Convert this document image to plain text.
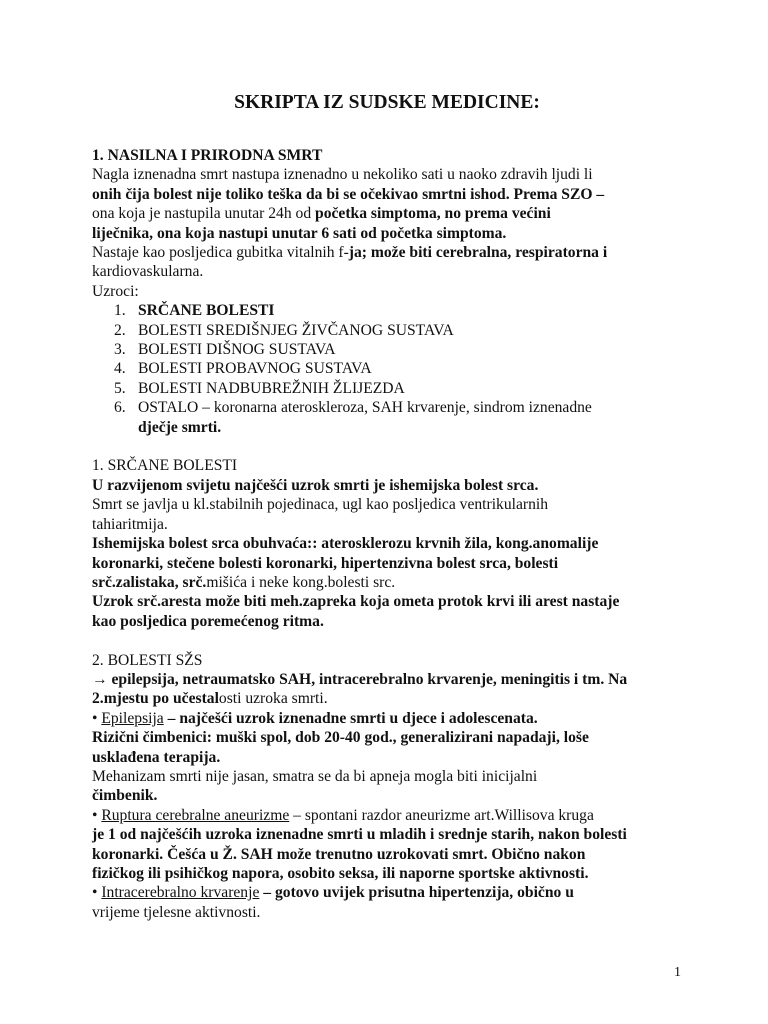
SKRIPTA IZ SUDSKE MEDICINE:
1. NASILNA I PRIRODNA SMRT
Nagla iznenadna smrt nastupa iznenadno u nekoliko sati u naoko zdravih ljudi li
onih čija bolest nije toliko teška da bi se očekivao smrtni ishod. Prema SZO –
ona koja je nastupila unutar 24h od početka simptoma, no prema većini
liječnika, ona koja nastupi unutar 6 sati od početka simptoma.
Nastaje kao posljedica gubitka vitalnih f-ja; može biti cerebralna, respiratorna i
kardiovaskularna.
Uzroci:
1. SRČANE BOLESTI
2. BOLESTI SREDIŠNJEG ŽIVČANOG SUSTAVA
3. BOLESTI DIŠNOG SUSTAVA
4. BOLESTI PROBAVNOG SUSTAVA
5. BOLESTI NADBUBREŽNIH ŽLIJEZDA
6. OSTALO – koronarna ateroskleroza, SAH krvarenje, sindrom iznenadne
dječje smrti.
1. SRČANE BOLESTI
U razvijenom svijetu najčešći uzrok smrti je ishemijska bolest srca.
Smrt se javlja u kl.stabilnih pojedinaca, ugl kao posljedica ventrikularnih
tahiaritmija.
Ishemijska bolest srca obuhvaća:: aterosklerozu krvnih žila, kong.anomalije
koronarki, stečene bolesti koronarki, hipertenzivna bolest srca, bolesti
srč.zalistaka, srč.mišića i neke kong.bolesti src.
Uzrok srč.aresta može biti meh.zapreka koja ometa protok krvi ili arest nastaje
kao posljedica poremećenog ritma.
2. BOLESTI SŽS
→ epilepsija, netraumatsko SAH, intracerebralno krvarenje, meningitis i tm. Na
2.mjestu po učestalosti uzroka smrti.
• Epilepsija – najčešći uzrok iznenadne smrti u djece i adolescenata.
Rizični čimbenici: muški spol, dob 20-40 god., generalizirani napadaji, loše
usklađena terapija.
Mehanizam smrti nije jasan, smatra se da bi apneja mogla biti inicijalni
čimbenik.
• Ruptura cerebralne aneurizme – spontani razdor aneurizme art.Willisova kruga
je 1 od najčešćih uzroka iznenadne smrti u mladih i srednje starih, nakon bolesti
koronarki. Češća u Ž. SAH može trenutno uzrokovati smrt. Obično nakon
fizičkog ili psihičkog napora, osobito seksa, ili naporne sportske aktivnosti.
• Intracerebralno krvarenje – gotovo uvijek prisutna hipertenzija, obično u
vrijeme tjelesne aktivnosti.
1
